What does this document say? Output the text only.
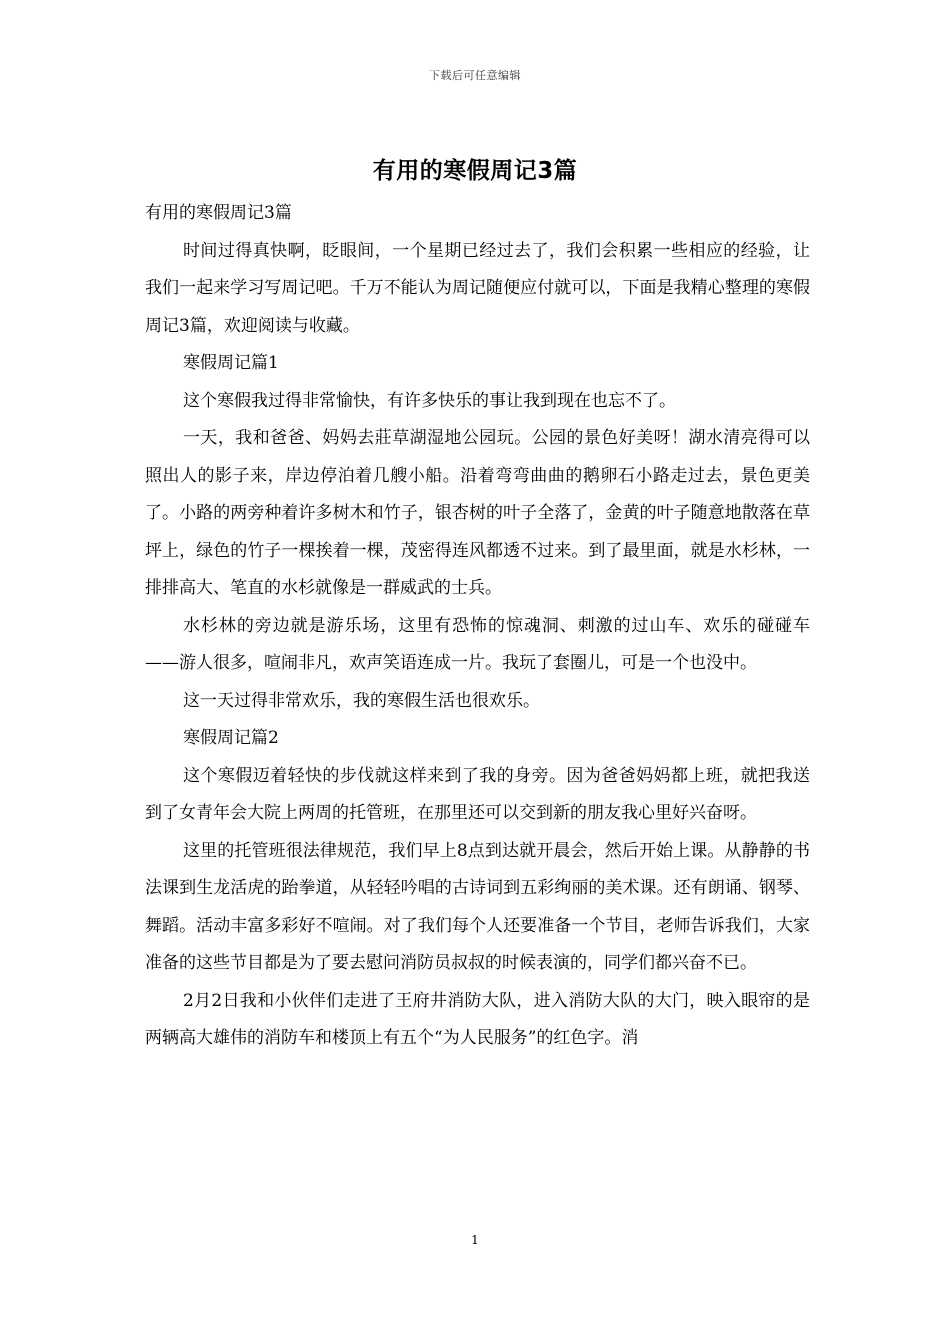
下载后可任意编辑
有用的寒假周记3篇

有用的寒假周记3篇

时间过得真快啊，眨眼间，一个星期已经过去了，我们会积累一些相应的经验，让我们一起来学习写周记吧。千万不能认为周记随便应付就可以，下面是我精心整理的寒假周记3篇，欢迎阅读与收藏。

寒假周记篇1

这个寒假我过得非常愉快，有许多快乐的事让我到现在也忘不了。

一天，我和爸爸、妈妈去莊草湖湿地公园玩。公园的景色好美呀！湖水清亮得可以照出人的影子来，岸边停泊着几艘小船。沿着弯弯曲曲的鹅卵石小路走过去，景色更美了。小路的两旁种着许多树木和竹子，银杏树的叶子全落了，金黄的叶子随意地散落在草坪上，绿色的竹子一棵挨着一棵，茂密得连风都透不过来。到了最里面，就是水杉林，一排排高大、笔直的水杉就像是一群威武的士兵。

水杉林的旁边就是游乐场，这里有恐怖的惊魂洞、刺激的过山车、欢乐的碰碰车——游人很多，喧闹非凡，欢声笑语连成一片。我玩了套圈儿，可是一个也没中。

这一天过得非常欢乐，我的寒假生活也很欢乐。

寒假周记篇2

这个寒假迈着轻快的步伐就这样来到了我的身旁。因为爸爸妈妈都上班，就把我送到了女青年会大院上两周的托管班，在那里还可以交到新的朋友我心里好兴奋呀。

这里的托管班很法律规范，我们早上8点到达就开晨会，然后开始上课。从静静的书法课到生龙活虎的跆拳道，从轻轻吟唱的古诗词到五彩绚丽的美术课。还有朗诵、钢琴、舞蹈。活动丰富多彩好不喧闹。对了我们每个人还要准备一个节目，老师告诉我们，大家准备的这些节目都是为了要去慰问消防员叔叔的时候表演的，同学们都兴奋不已。

2月2日我和小伙伴们走进了王府井消防大队，进入消防大队的大门，映入眼帘的是两辆高大雄伟的消防车和楼顶上有五个“为人民服务”的红色字。消

1
